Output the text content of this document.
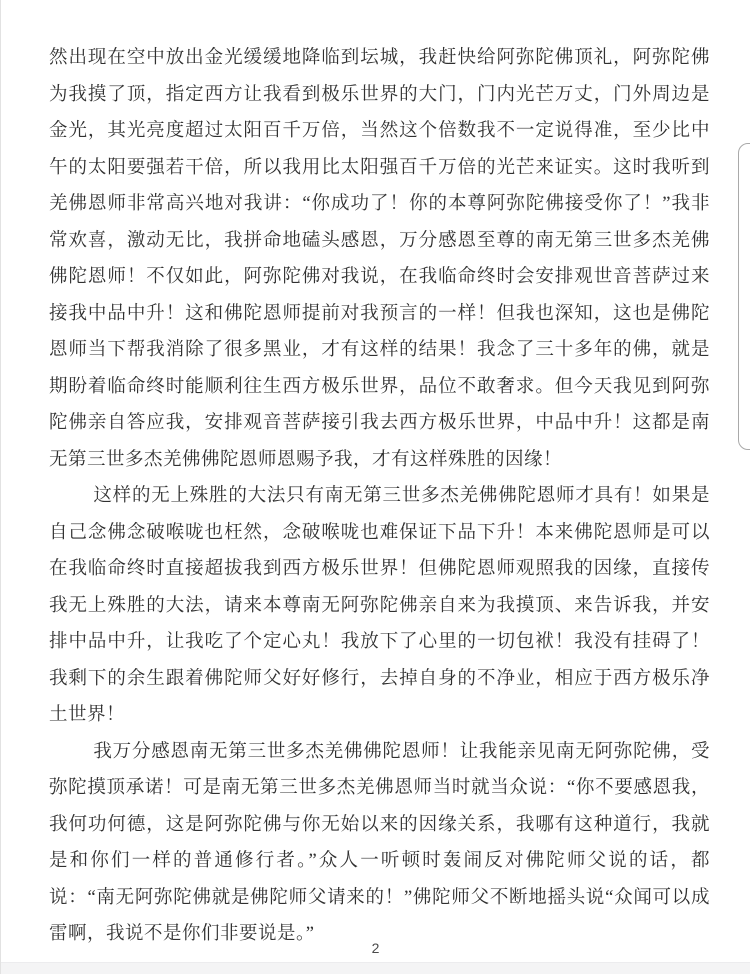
然出现在空中放出金光缓缓地降临到坛城，我赶快给阿弥陀佛顶礼，阿弥陀佛为我摸了顶，指定西方让我看到极乐世界的大门，门内光芒万丈，门外周边是金光，其光亮度超过太阳百千万倍，当然这个倍数我不一定说得准，至少比中午的太阳要强若干倍，所以我用比太阳强百千万倍的光芒来证实。这时我听到羌佛恩师非常高兴地对我讲：“你成功了！你的本尊阿弥陀佛接受你了！”我非常欢喜，激动无比，我拼命地磕头感恩，万分感恩至尊的南无第三世多杰羌佛佛陀恩师！不仅如此，阿弥陀佛对我说，在我临命终时会安排观世音菩萨过来接我中品中升！这和佛陀恩师提前对我预言的一样！但我也深知，这也是佛陀恩师当下帮我消除了很多黑业，才有这样的结果！我念了三十多年的佛，就是期盼着临命终时能顺利往生西方极乐世界，品位不敢奢求。但今天我见到阿弥陀佛亲自答应我，安排观音菩萨接引我去西方极乐世界，中品中升！这都是南无第三世多杰羌佛佛陀恩师恩赐予我，才有这样殊胜的因缘！

这样的无上殊胜的大法只有南无第三世多杰羌佛佛陀恩师才具有！如果是自己念佛念破喉咙也枉然，念破喉咙也难保证下品下升！本来佛陀恩师是可以在我临命终时直接超拔我到西方极乐世界！但佛陀恩师观照我的因缘，直接传我无上殊胜的大法，请来本尊南无阿弥陀佛亲自来为我摸顶、来告诉我，并安排中品中升，让我吃了个定心丸！我放下了心里的一切包袱！我没有挂碍了！我剩下的余生跟着佛陀师父好好修行，去掉自身的不净业，相应于西方极乐净土世界！

我万分感恩南无第三世多杰羌佛佛陀恩师！让我能亲见南无阿弥陀佛，受弥陀摸顶承诺！可是南无第三世多杰羌佛恩师当时就当众说：“你不要感恩我，我何功何德，这是阿弥陀佛与你无始以来的因缘关系，我哪有这种道行，我就是和你们一样的普通修行者。”众人一听顿时轰闹反对佛陀师父说的话，都说：“南无阿弥陀佛就是佛陀师父请来的！”佛陀师父不断地摇头说“众闻可以成雷啊，我说不是你们非要说是。”

2
